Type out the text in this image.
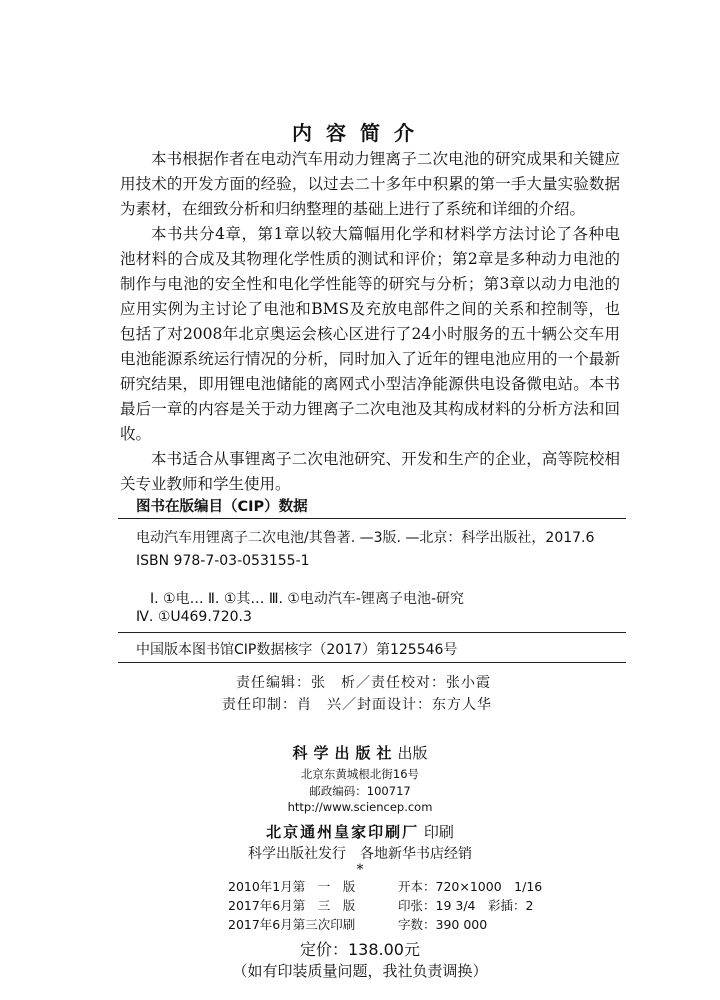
内容简介

本书根据作者在电动汽车用动力锂离子二次电池的研究成果和关键应用技术的开发方面的经验，以过去二十多年中积累的第一手大量实验数据为素材，在细致分析和归纳整理的基础上进行了系统和详细的介绍。

本书共分4章，第1章以较大篇幅用化学和材料学方法讨论了各种电池材料的合成及其物理化学性质的测试和评价；第2章是多种动力电池的制作与电池的安全性和电化学性能等的研究与分析；第3章以动力电池的应用实例为主讨论了电池和BMS及充放电部件之间的关系和控制等，也包括了对2008年北京奥运会核心区进行了24小时服务的五十辆公交车用电池能源系统运行情况的分析，同时加入了近年的锂电池应用的一个最新研究结果，即用锂电池储能的离网式小型洁净能源供电设备微电站。本书最后一章的内容是关于动力锂离子二次电池及其构成材料的分析方法和回收。

本书适合从事锂离子二次电池研究、开发和生产的企业，高等院校相关专业教师和学生使用。

图书在版编目（CIP）数据
电动汽车用锂离子二次电池/其鲁著. —3版. —北京：科学出版社，2017.6
ISBN 978-7-03-053155-1
Ⅰ. ①电… Ⅱ. ①其… Ⅲ. ①电动汽车-锂离子电池-研究
Ⅳ. ①U469.720.3
中国版本图书馆CIP数据核字（2017）第125546号
责任编辑：张　析／责任校对：张小霞
责任印制：肖　兴／封面设计：东方人华
科学出版社出版
北京东黄城根北街16号
邮政编码：100717
http://www.sciencep.com
北京通州皇家印刷厂 印刷
科学出版社发行　各地新华书店经销
*
2010年1月第　一　版	开本：720×1000　1/16
2017年6月第　三　版	印张：19 3/4　彩插：2
2017年6月第三次印刷	字数：390 000
定价：138.00元
（如有印装质量问题，我社负责调换）
